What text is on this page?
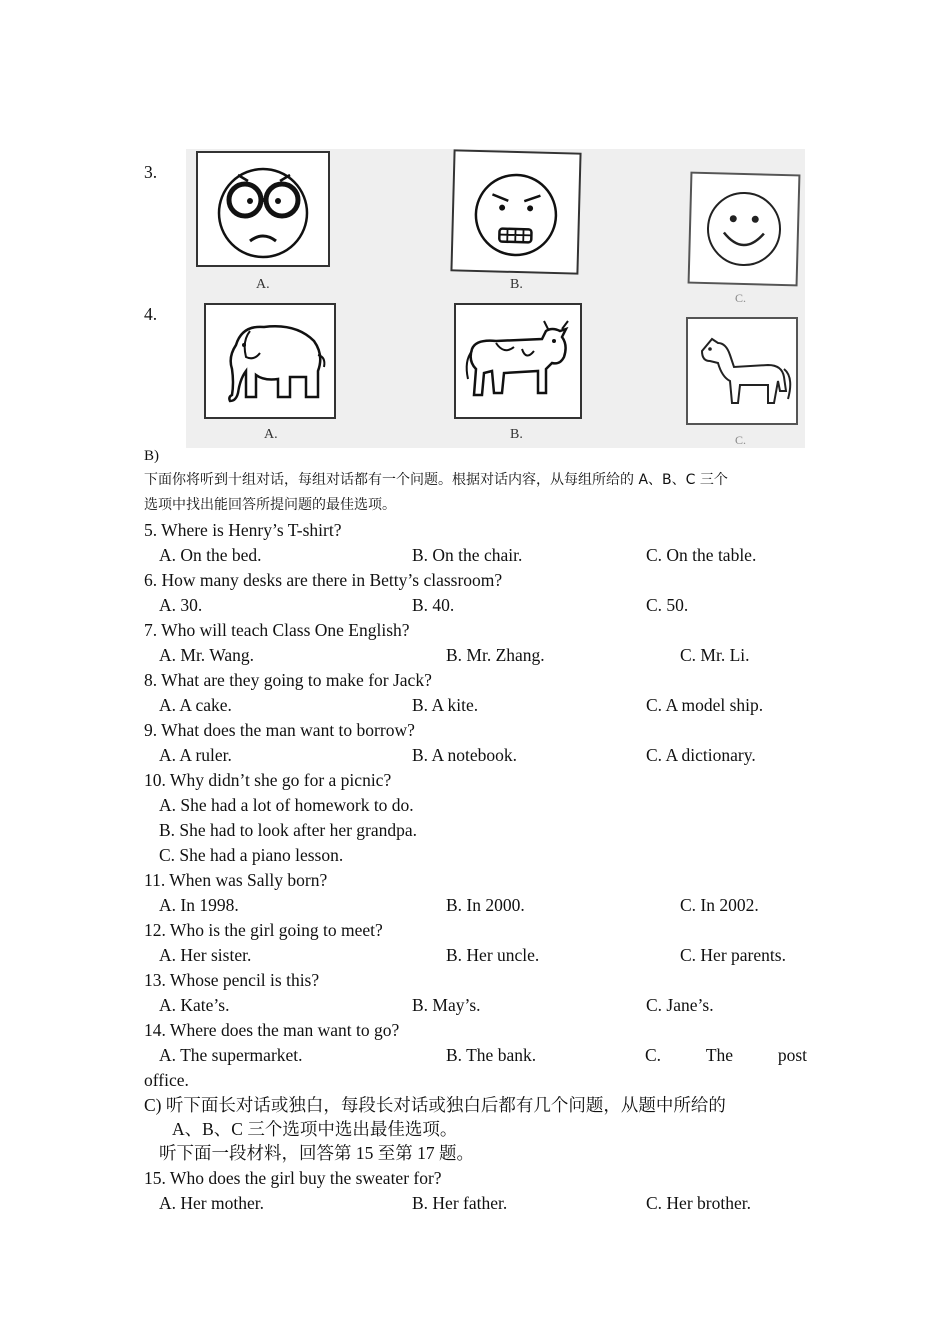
3.
4.
A.	B.
C.
A.	B.	C.
B)
下面你将听到十组对话，每组对话都有一个问题。根据对话内容，从每组所给的 A、B、C 三个
选项中找出能回答所提问题的最佳选项。
5. Where is Henry’s T-shirt?
A. On the bed.	B. On the chair.	C. On the table.
6. How many desks are there in Betty’s classroom?
A. 30.	B. 40.	C. 50.
7. Who will teach Class One English?
A. Mr. Wang.	B. Mr. Zhang.	C. Mr. Li.
8. What are they going to make for Jack?
A. A cake.	B. A kite.	C. A model ship.
9. What does the man want to borrow?
A. A ruler.	B. A notebook.	C. A dictionary.
10. Why didn’t she go for a picnic?
A. She had a lot of homework to do.
B. She had to look after her grandpa.
C. She had a piano lesson.
11. When was Sally born?
A. In 1998.	B. In 2000.	C. In 2002.
12. Who is the girl going to meet?
A. Her sister.	B. Her uncle.	C. Her parents.
13. Whose pencil is this?
A. Kate’s.	B. May’s.	C. Jane’s.
14. Where does the man want to go?
A. The supermarket.	B. The bank.	C.	The	post
office.
C) 听下面长对话或独白，每段长对话或独白后都有几个问题，从题中所给的
A、B、C 三个选项中选出最佳选项。
听下面一段材料，回答第 15 至第 17 题。
15. Who does the girl buy the sweater for?
A. Her mother.	B. Her father.	C. Her brother.
